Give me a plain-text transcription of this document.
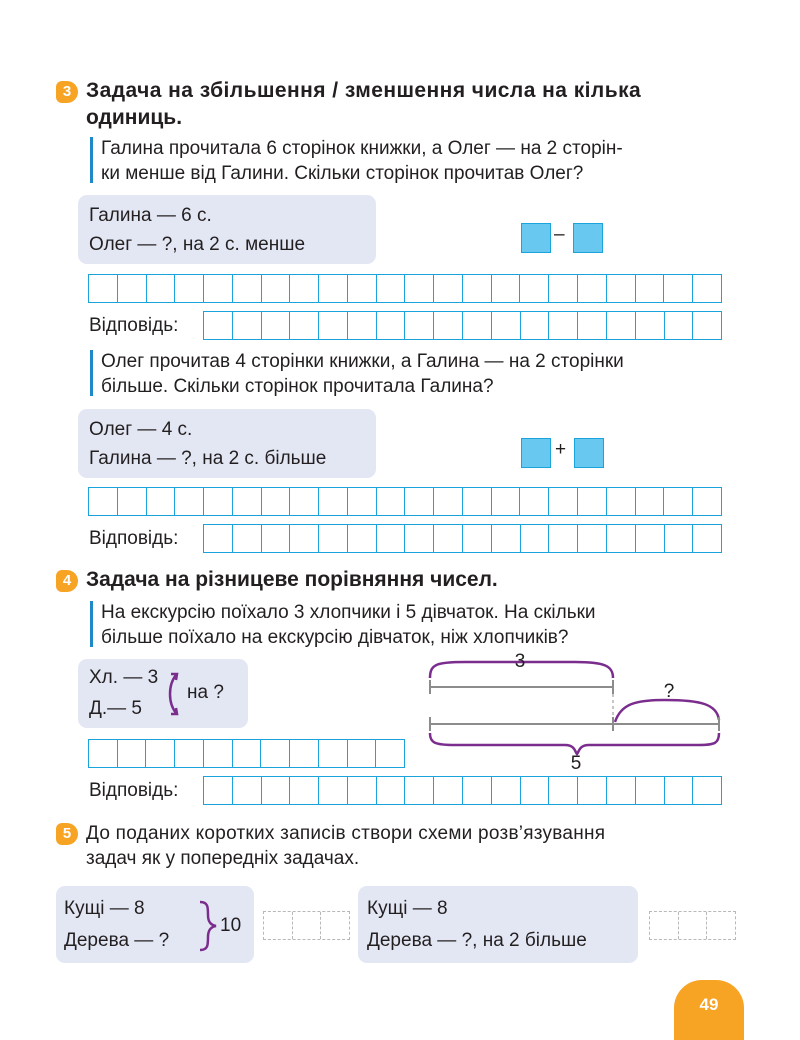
3 Задача на збільшення / зменшення числа на кілька
одиниць.
Галина прочитала 6 сторінок книжки, а Олег — на 2 сторін-
ки менше від Галини. Скільки сторінок прочитав Олег?
Галина — 6 с.
Олег — ?, на 2 с. менше	–
Відповідь:
Олег прочитав 4 сторінки книжки, а Галина — на 2 сторінки
більше. Скільки сторінок прочитала Галина?
Олег — 4 с.
Галина — ?, на 2 с. більше	+
Відповідь:
4 Задача на різницеве порівняння чисел.
На екскурсію поїхало 3 хлопчики і 5 дівчаток. На скільки
більше поїхало на екскурсію дівчаток, ніж хлопчиків?
Хл. — 3
Д.— 5
на ?
3
?
5
Відповідь:
5 До поданих коротких записів створи схеми розв’язування
задач як у попередніх задачах.
Кущі — 8
Дерева — ?
10
Кущі — 8
Дерева — ?, на 2 більше
49
